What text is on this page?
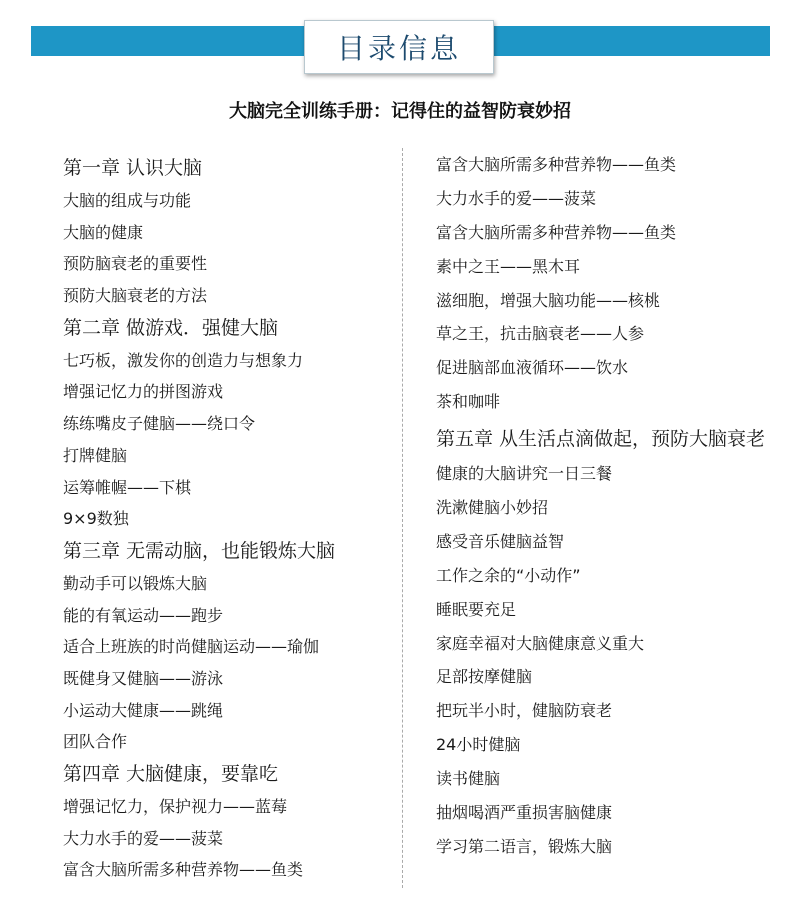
目录信息
大脑完全训练手册：记得住的益智防衰妙招
第一章 认识大脑
大脑的组成与功能
大脑的健康
预防脑衰老的重要性
预防大脑衰老的方法
第二章 做游戏．强健大脑
七巧板，激发你的创造力与想象力
增强记忆力的拼图游戏
练练嘴皮子健脑——绕口令
打牌健脑
运筹帷幄——下棋
9×9数独
第三章 无需动脑，也能锻炼大脑
勤动手可以锻炼大脑
能的有氧运动——跑步
适合上班族的时尚健脑运动——瑜伽
既健身又健脑——游泳
小运动大健康——跳绳
团队合作
第四章 大脑健康，要靠吃
增强记忆力，保护视力——蓝莓
大力水手的爱——菠菜
富含大脑所需多种营养物——鱼类
富含大脑所需多种营养物——鱼类
大力水手的爱——菠菜
富含大脑所需多种营养物——鱼类
素中之王——黑木耳
滋细胞，增强大脑功能——核桃
草之王，抗击脑衰老——人参
促进脑部血液循环——饮水
茶和咖啡
第五章 从生活点滴做起，预防大脑衰老
健康的大脑讲究一日三餐
洗漱健脑小妙招
感受音乐健脑益智
工作之余的“小动作”
睡眠要充足
家庭幸福对大脑健康意义重大
足部按摩健脑
把玩半小时，健脑防衰老
24小时健脑
读书健脑
抽烟喝酒严重损害脑健康
学习第二语言，锻炼大脑
